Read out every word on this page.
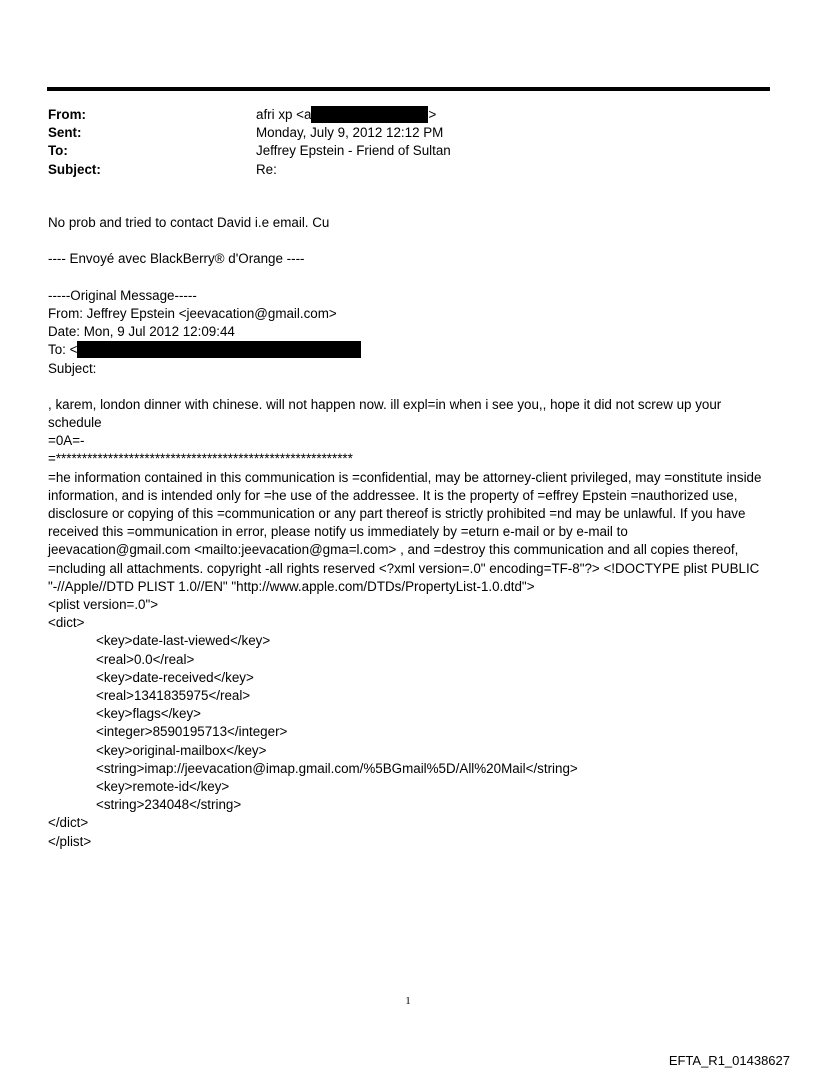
From:	afri xp <a	>
Sent:	Monday, July 9, 2012 12:12 PM
To:	Jeffrey Epstein - Friend of Sultan
Subject:	Re:
No prob and tried to contact David i.e email. Cu
---- Envoyé avec BlackBerry® d'Orange ----
-----Original Message-----
From: Jeffrey Epstein <jeevacation@gmail.com>
Date: Mon, 9 Jul 2012 12:09:44
To: <
Subject:
, karem, london dinner with chinese. will not happen now. ill expl=in when i see you,, hope it did not screw up your schedule
=0A=-
=*********************************************************
=he information contained in this communication is =confidential, may be attorney-client privileged, may =onstitute inside information, and is intended only for =he use of the addressee. It is the property of =effrey Epstein =nauthorized use, disclosure or copying of this =communication or any part thereof is strictly prohibited =nd may be unlawful. If you have received this =ommunication in error, please notify us immediately by =eturn e-mail or by e-mail to jeevacation@gmail.com <mailto:jeevacation@gma=l.com> , and =destroy this communication and all copies thereof, =ncluding all attachments. copyright -all rights reserved <?xml version=.0" encoding=TF-8"?> <!DOCTYPE plist PUBLIC "-//Apple//DTD PLIST 1.0//EN" "http://www.apple.com/DTDs/PropertyList-1.0.dtd">
<plist version=.0">
<dict>
<key>date-last-viewed</key>
<real>0.0</real>
<key>date-received</key>
<real>1341835975</real>
<key>flags</key>
<integer>8590195713</integer>
<key>original-mailbox</key>
<string>imap://jeevacation@imap.gmail.com/%5BGmail%5D/All%20Mail</string>
<key>remote-id</key>
<string>234048</string>
</dict>
</plist>
1
EFTA_R1_01438627
